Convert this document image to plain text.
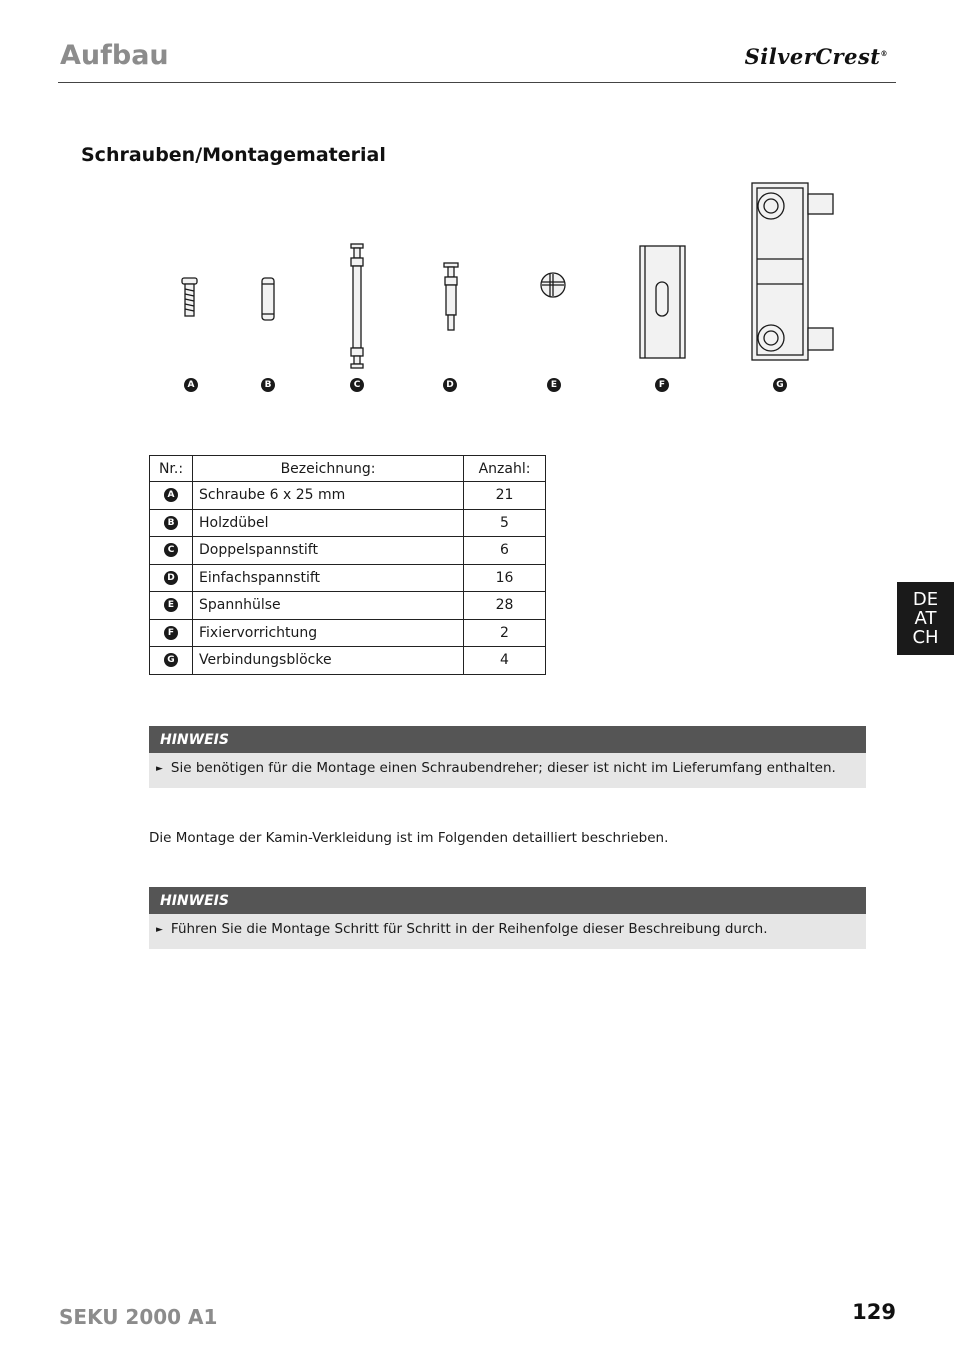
Aufbau	SilverCrest®
Schrauben/Montagematerial
A	B	C	D	E	F	G
Nr.:	Bezeichnung:	Anzahl:
A	Schraube 6 x 25 mm	21
B	Holzdübel	5
C	Doppelspannstift	6
D	Einfachspannstift	16
E	Spannhülse	28
F	Fixiervorrichtung	2
G	Verbindungsblöcke	4
HINWEIS
► Sie benötigen für die Montage einen Schraubendreher; dieser ist nicht im Lieferumfang enthalten.
Die Montage der Kamin-Verkleidung ist im Folgenden detailliert beschrieben.
HINWEIS
► Führen Sie die Montage Schritt für Schritt in der Reihenfolge dieser Beschreibung durch.
DE
AT
CH
SEKU 2000 A1	129
